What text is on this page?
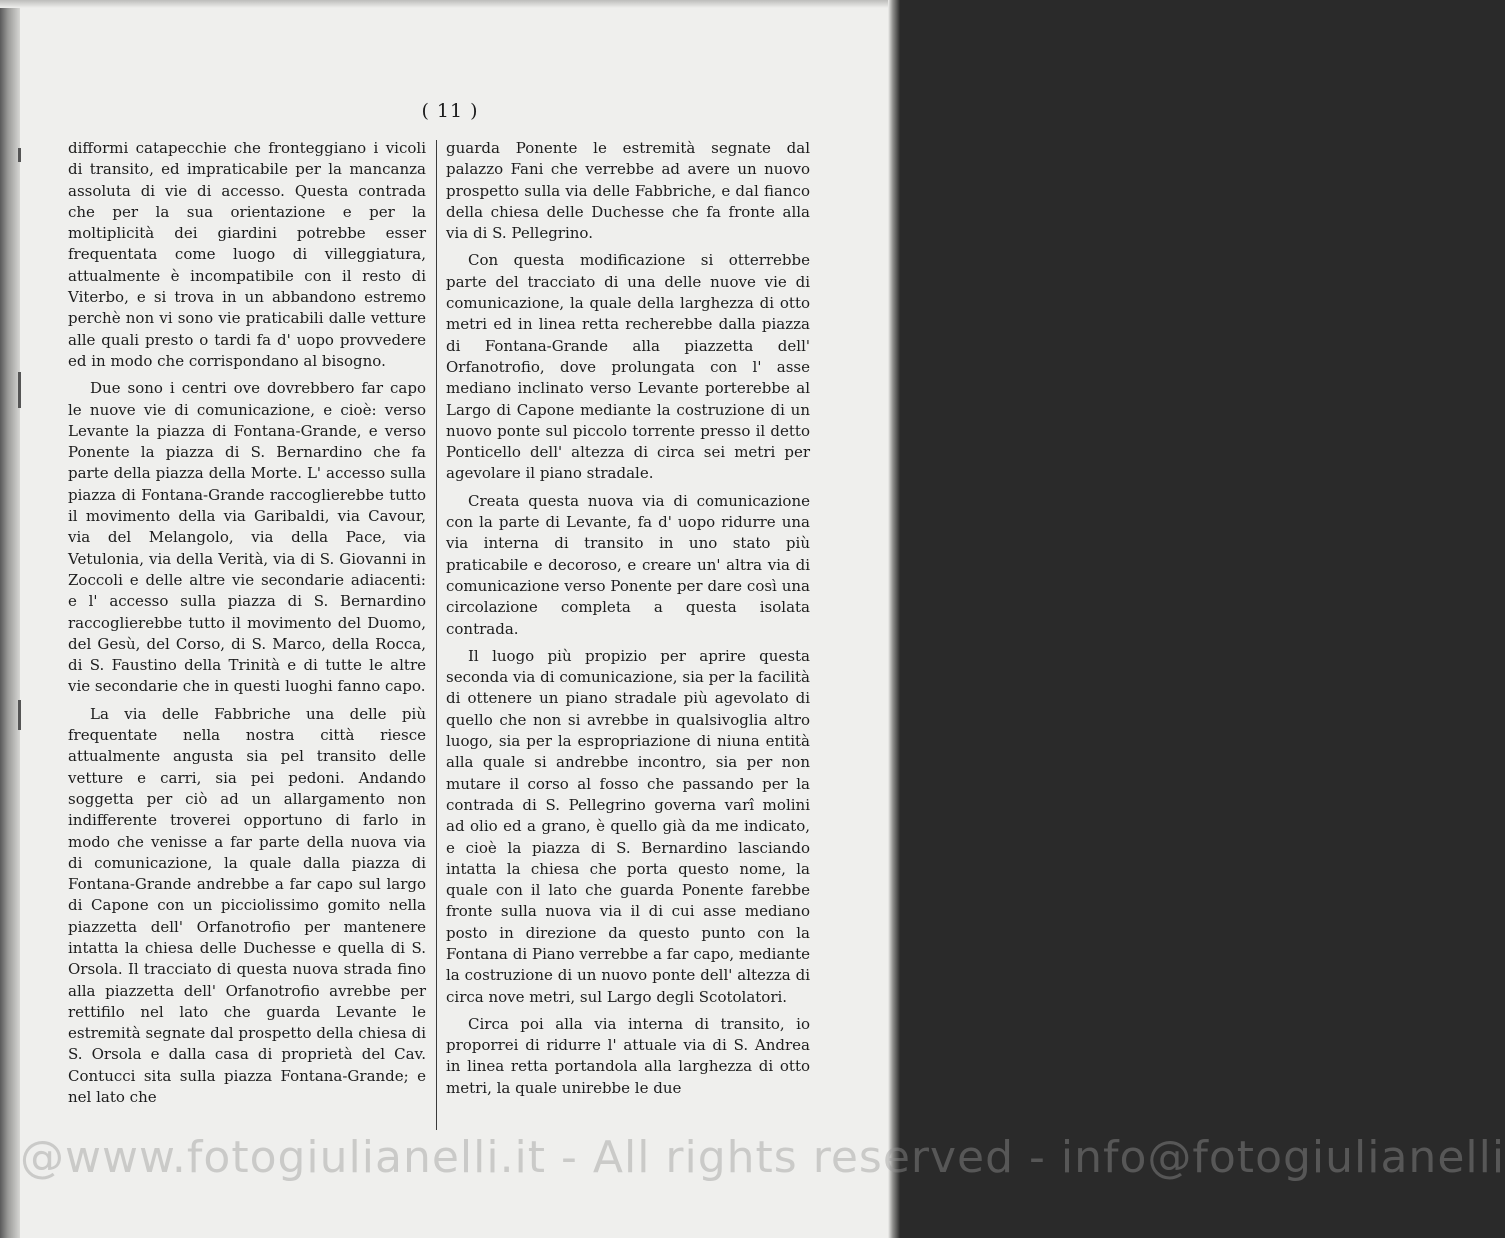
( 11 )

difformi catapecchie che fronteggiano i vicoli di transito, ed impraticabile per la mancanza assoluta di vie di accesso. Questa contrada che per la sua orientazione e per la moltiplicità dei giardini potrebbe esser frequentata come luogo di villeggiatura, attualmente è incompatibile con il resto di Viterbo, e si trova in un abbandono estremo perchè non vi sono vie praticabili dalle vetture alle quali presto o tardi fa d' uopo provvedere ed in modo che corrispondano al bisogno.

Due sono i centri ove dovrebbero far capo le nuove vie di comunicazione, e cioè: verso Levante la piazza di Fontana-Grande, e verso Ponente la piazza di S. Bernardino che fa parte della piazza della Morte. L' accesso sulla piazza di Fontana-Grande raccoglierebbe tutto il movimento della via Garibaldi, via Cavour, via del Melangolo, via della Pace, via Vetulonia, via della Verità, via di S. Giovanni in Zoccoli e delle altre vie secondarie adiacenti: e l' accesso sulla piazza di S. Bernardino raccoglierebbe tutto il movimento del Duomo, del Gesù, del Corso, di S. Marco, della Rocca, di S. Faustino della Trinità e di tutte le altre vie secondarie che in questi luoghi fanno capo.

La via delle Fabbriche una delle più frequentate nella nostra città riesce attualmente angusta sia pel transito delle vetture e carri, sia pei pedoni. Andando soggetta per ciò ad un allargamento non indifferente troverei opportuno di farlo in modo che venisse a far parte della nuova via di comunicazione, la quale dalla piazza di Fontana-Grande andrebbe a far capo sul largo di Capone con un picciolissimo gomito nella piazzetta dell' Orfanotrofio per mantenere intatta la chiesa delle Duchesse e quella di S. Orsola. Il tracciato di questa nuova strada fino alla piazzetta dell' Orfanotrofio avrebbe per rettifilo nel lato che guarda Levante le estremità segnate dal prospetto della chiesa di S. Orsola e dalla casa di proprietà del Cav. Contucci sita sulla piazza Fontana-Grande; e nel lato che

guarda Ponente le estremità segnate dal palazzo Fani che verrebbe ad avere un nuovo prospetto sulla via delle Fabbriche, e dal fianco della chiesa delle Duchesse che fa fronte alla via di S. Pellegrino.

Con questa modificazione si otterrebbe parte del tracciato di una delle nuove vie di comunicazione, la quale della larghezza di otto metri ed in linea retta recherebbe dalla piazza di Fontana-Grande alla piazzetta dell' Orfanotrofio, dove prolungata con l' asse mediano inclinato verso Levante porterebbe al Largo di Capone mediante la costruzione di un nuovo ponte sul piccolo torrente presso il detto Ponticello dell' altezza di circa sei metri per agevolare il piano stradale.

Creata questa nuova via di comunicazione con la parte di Levante, fa d' uopo ridurre una via interna di transito in uno stato più praticabile e decoroso, e creare un' altra via di comunicazione verso Ponente per dare così una circolazione completa a questa isolata contrada.

Il luogo più propizio per aprire questa seconda via di comunicazione, sia per la facilità di ottenere un piano stradale più agevolato di quello che non si avrebbe in qualsivoglia altro luogo, sia per la espropriazione di niuna entità alla quale si andrebbe incontro, sia per non mutare il corso al fosso che passando per la contrada di S. Pellegrino governa varî molini ad olio ed a grano, è quello già da me indicato, e cioè la piazza di S. Bernardino lasciando intatta la chiesa che porta questo nome, la quale con il lato che guarda Ponente farebbe fronte sulla nuova via il di cui asse mediano posto in direzione da questo punto con la Fontana di Piano verrebbe a far capo, mediante la costruzione di un nuovo ponte dell' altezza di circa nove metri, sul Largo degli Scotolatori.

Circa poi alla via interna di transito, io proporrei di ridurre l' attuale via di S. Andrea in linea retta portandola alla larghezza di otto metri, la quale unirebbe le due

@www.fotogiulianelli.it - All rights reserved - info@fotogiulianelli
